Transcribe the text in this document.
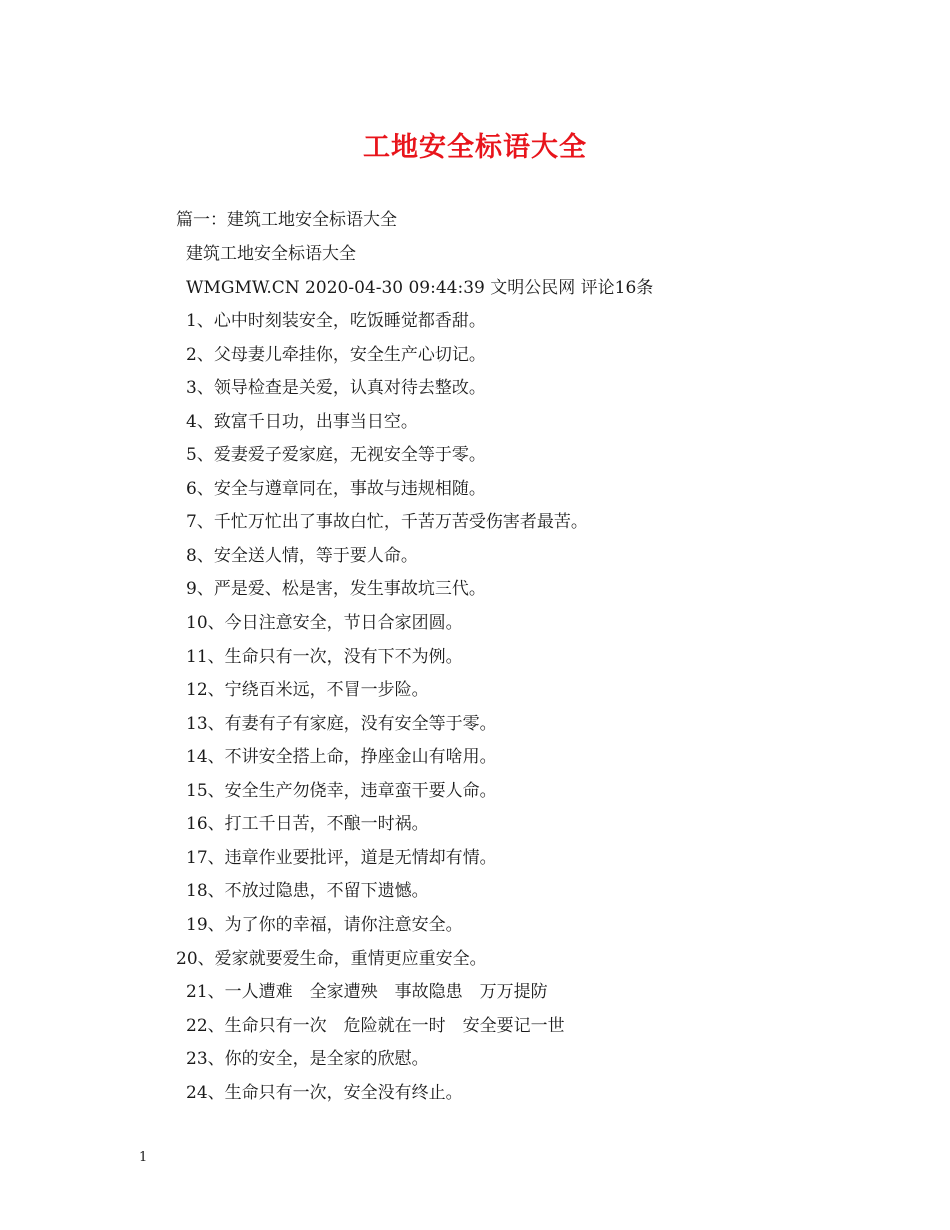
工地安全标语大全
篇一：建筑工地安全标语大全
建筑工地安全标语大全
WMGMW.CN 2020-04-30 09:44:39 文明公民网 评论16条
1、心中时刻装安全，吃饭睡觉都香甜。
2、父母妻儿牵挂你，安全生产心切记。
3、领导检查是关爱，认真对待去整改。
4、致富千日功，出事当日空。
5、爱妻爱子爱家庭，无视安全等于零。
6、安全与遵章同在，事故与违规相随。
7、千忙万忙出了事故白忙，千苦万苦受伤害者最苦。
8、安全送人情，等于要人命。
9、严是爱、松是害，发生事故坑三代。
10、今日注意安全，节日合家团圆。
11、生命只有一次，没有下不为例。
12、宁绕百米远，不冒一步险。
13、有妻有子有家庭，没有安全等于零。
14、不讲安全搭上命，挣座金山有啥用。
15、安全生产勿侥幸，违章蛮干要人命。
16、打工千日苦，不酿一时祸。
17、违章作业要批评，道是无情却有情。
18、不放过隐患，不留下遗憾。
19、为了你的幸福，请你注意安全。
20、爱家就要爱生命，重情更应重安全。
21、一人遭难　全家遭殃　事故隐患　万万提防
22、生命只有一次　危险就在一时　安全要记一世
23、你的安全，是全家的欣慰。
24、生命只有一次，安全没有终止。
1
